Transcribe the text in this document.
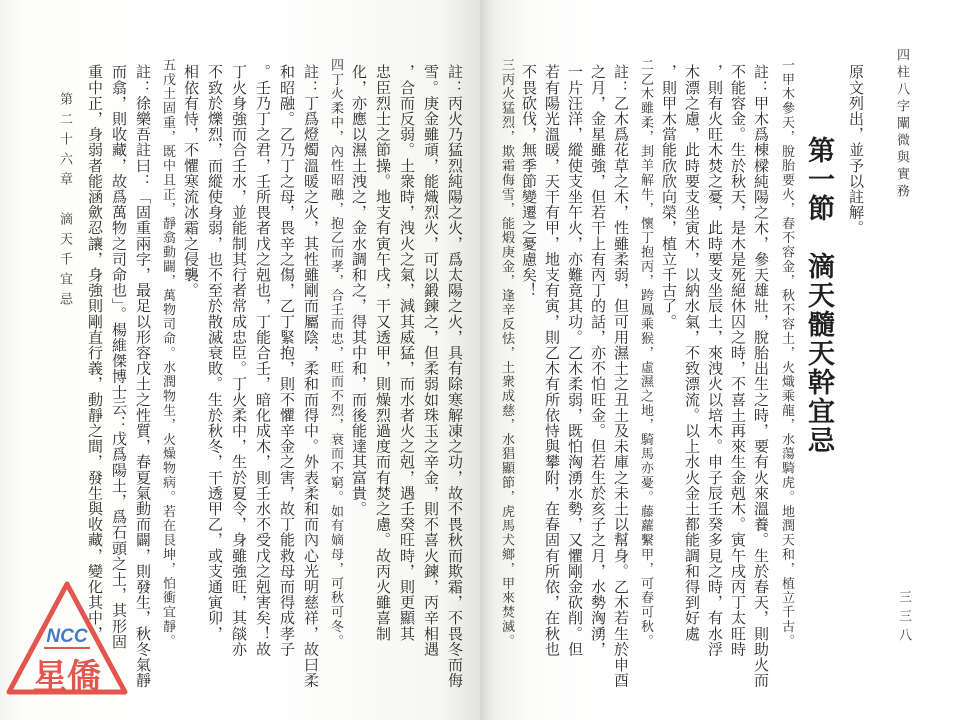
第二十六章　滴天千宜忌	註：丙火乃猛烈純陽之火，爲太陽之火，具有除寒解凍之功，故不畏秋而欺霜，不畏冬而侮
雪。庚金雖頑，能熾烈火，可以鍛鍊之，但柔弱如珠玉之辛金，則不喜火鍊，丙辛相遇
，合而反弱。土衆時，洩火之氣，減其威猛，而水者火之剋，遇壬癸旺時，則更顯其
忠臣烈士之節操。地支有寅午戌，干又透甲，則燥烈過度而有焚之慮。故丙火雖喜制
化，亦應以濕土洩之，金水調和之，得其中和，而後能達其富貴。
四丁火柔中，內性昭融，抱乙而孝，合壬而忠，旺而不烈，衰而不窮。如有嫡母，可秋可冬。
註：丁爲燈燭溫暖之火，其性雖剛而屬陰，柔和而得中。外表柔和而內心光明慈祥，故曰柔
和昭融。乙乃丁之母，畏辛之傷，乙丁緊抱，則不懼辛金之害，故丁能救母而得成孝子
。壬乃丁之君，壬所畏者戊之剋也，丁能合壬，暗化成木，則壬水不受戊之剋害矣！故
丁火身強而合壬水，並能制其行者常成忠臣。丁火柔中，生於夏令，身雖強旺，其燄亦
不致於爍烈，而縱使身弱，也不至於散滅衰敗。生於秋冬，干透甲乙，或支通寅卯，
相依有恃，不懼寒流冰霜之侵襲。
五戊土固重，既中且正，靜翕動闢，萬物司命。水潤物生，火燥物病。若在艮坤，怕衝宜靜。
註：徐樂吾註曰：「固重兩字，最足以形容戊土之性質，春夏氣動而闢，則發生，秋冬氣靜
而翕，則收藏，故爲萬物之司命也」。楊維傑博士云：戊爲陽土，爲石頭之土，其形固
重中正，身弱者能涵歛忍讓，身強則剛直行義，動靜之間，發生與收藏，變化其中，
NCC
星僑
四柱八字闡微與實務
三三八
原文列出，並予以註解。
第一節　滴天髓天幹宜忌
一甲木參天，脫胎要火，春不容金，秋不容土，火熾乘龍，水蕩騎虎。地潤天和，植立千古。
註：甲木爲棟樑純陽之木，參天雄壯，脫胎出生之時，要有火來溫養。生於春天，則助火而
不能容金。生於秋天，是木是死絕休囚之時，不喜土再來生金剋木。寅午戌丙丁太旺時
，則有火旺木焚之憂，此時要支坐辰土，來洩火以培木。申子辰壬癸多見之時，有水浮
木漂之慮，此時要支坐寅木，以納水氣，不致漂流。以上水火金土都能調和得到好處
，則甲木當能欣欣向榮，植立千古了。
二乙木雖柔，刲羊解牛，懷丁抱丙，跨鳳乘猴，虛濕之地，騎馬亦憂。藤蘿繫甲，可春可秋。
註：乙木爲花草之木，性雖柔弱，但可用濕土之丑土及未庫之未土以幫身。乙木若生於申酉
之月，金星雖強，但若干上有丙丁的話，亦不怕旺金。但若生於亥子之月，水勢洶湧，
一片汪洋，縱使支坐午火，亦難竟其功。乙木柔弱，既怕洶湧水勢，又懼剛金砍削。但
若有陽光溫暖，天干有甲，地支有寅，則乙木有所依恃與攀附，在春固有所依，在秋也
不畏砍伐，無季節變遷之憂慮矣！
三丙火猛烈，欺霜侮雪，能煅庚金，逢辛反怯，土衆成慈，水猖顯節，虎馬犬鄉，甲來焚滅。
